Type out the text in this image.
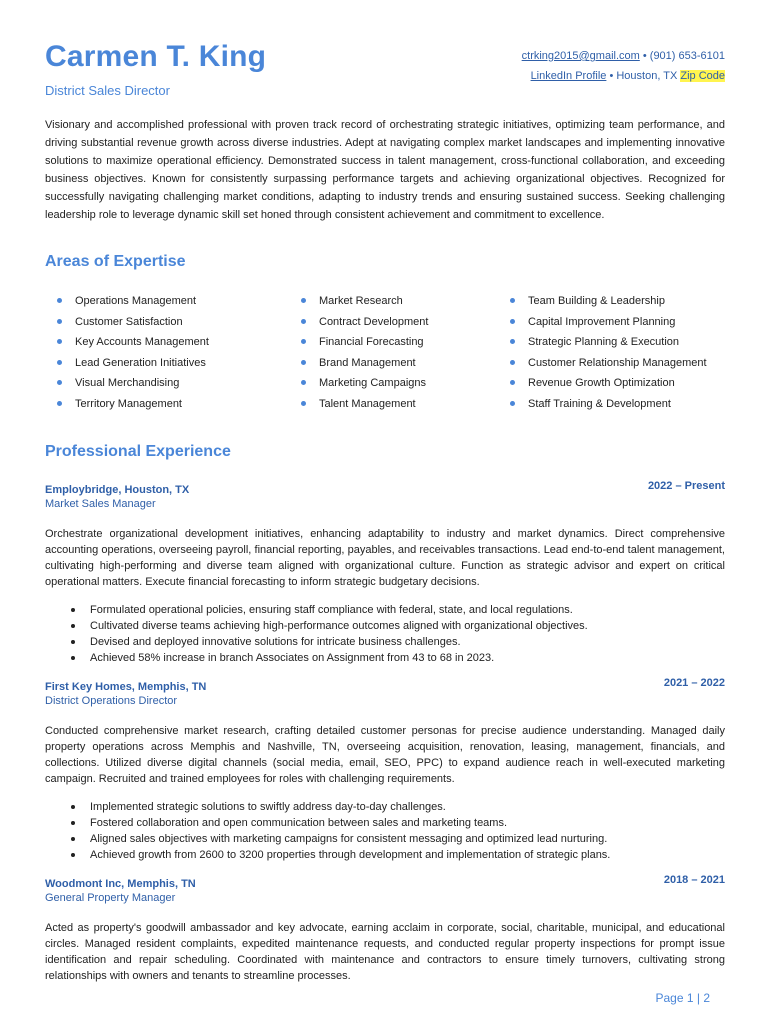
Carmen T. King
District Sales Director
ctrking2015@gmail.com • (901) 653-6101
LinkedIn Profile • Houston, TX Zip Code

Visionary and accomplished professional with proven track record of orchestrating strategic initiatives, optimizing team performance, and driving substantial revenue growth across diverse industries. Adept at navigating complex market landscapes and implementing innovative solutions to maximize operational efficiency. Demonstrated success in talent management, cross-functional collaboration, and exceeding business objectives. Known for consistently surpassing performance targets and achieving organizational objectives. Recognized for successfully navigating challenging market conditions, adapting to industry trends and ensuring sustained success. Seeking challenging leadership role to leverage dynamic skill set honed through consistent achievement and commitment to excellence.

Areas of Expertise
Operations Management	Market Research	Team Building & Leadership
Customer Satisfaction	Contract Development	Capital Improvement Planning
Key Accounts Management	Financial Forecasting	Strategic Planning & Execution
Lead Generation Initiatives	Brand Management	Customer Relationship Management
Visual Merchandising	Marketing Campaigns	Revenue Growth Optimization
Territory Management	Talent Management	Staff Training & Development
Professional Experience
Employbridge, Houston, TX	2022 – Present
Market Sales Manager

Orchestrate organizational development initiatives, enhancing adaptability to industry and market dynamics. Direct comprehensive accounting operations, overseeing payroll, financial reporting, payables, and receivables transactions. Lead end-to-end talent management, cultivating high-performing and diverse team aligned with organizational culture. Function as strategic advisor and expert on critical operational matters. Execute financial forecasting to inform strategic budgetary decisions.

Formulated operational policies, ensuring staff compliance with federal, state, and local regulations.
Cultivated diverse teams achieving high-performance outcomes aligned with organizational objectives.
Devised and deployed innovative solutions for intricate business challenges.
Achieved 58% increase in branch Associates on Assignment from 43 to 68 in 2023.
First Key Homes, Memphis, TN	2021 – 2022
District Operations Director

Conducted comprehensive market research, crafting detailed customer personas for precise audience understanding. Managed daily property operations across Memphis and Nashville, TN, overseeing acquisition, renovation, leasing, management, financials, and collections. Utilized diverse digital channels (social media, email, SEO, PPC) to expand audience reach in well-executed marketing campaign. Recruited and trained employees for roles with challenging requirements.

Implemented strategic solutions to swiftly address day-to-day challenges.
Fostered collaboration and open communication between sales and marketing teams.
Aligned sales objectives with marketing campaigns for consistent messaging and optimized lead nurturing.
Achieved growth from 2600 to 3200 properties through development and implementation of strategic plans.
Woodmont Inc, Memphis, TN	2018 – 2021
General Property Manager

Acted as property's goodwill ambassador and key advocate, earning acclaim in corporate, social, charitable, municipal, and educational circles. Managed resident complaints, expedited maintenance requests, and conducted regular property inspections for prompt issue identification and repair scheduling. Coordinated with maintenance and contractors to ensure timely turnovers, cultivating strong relationships with owners and tenants to streamline processes.

Page 1 | 2
